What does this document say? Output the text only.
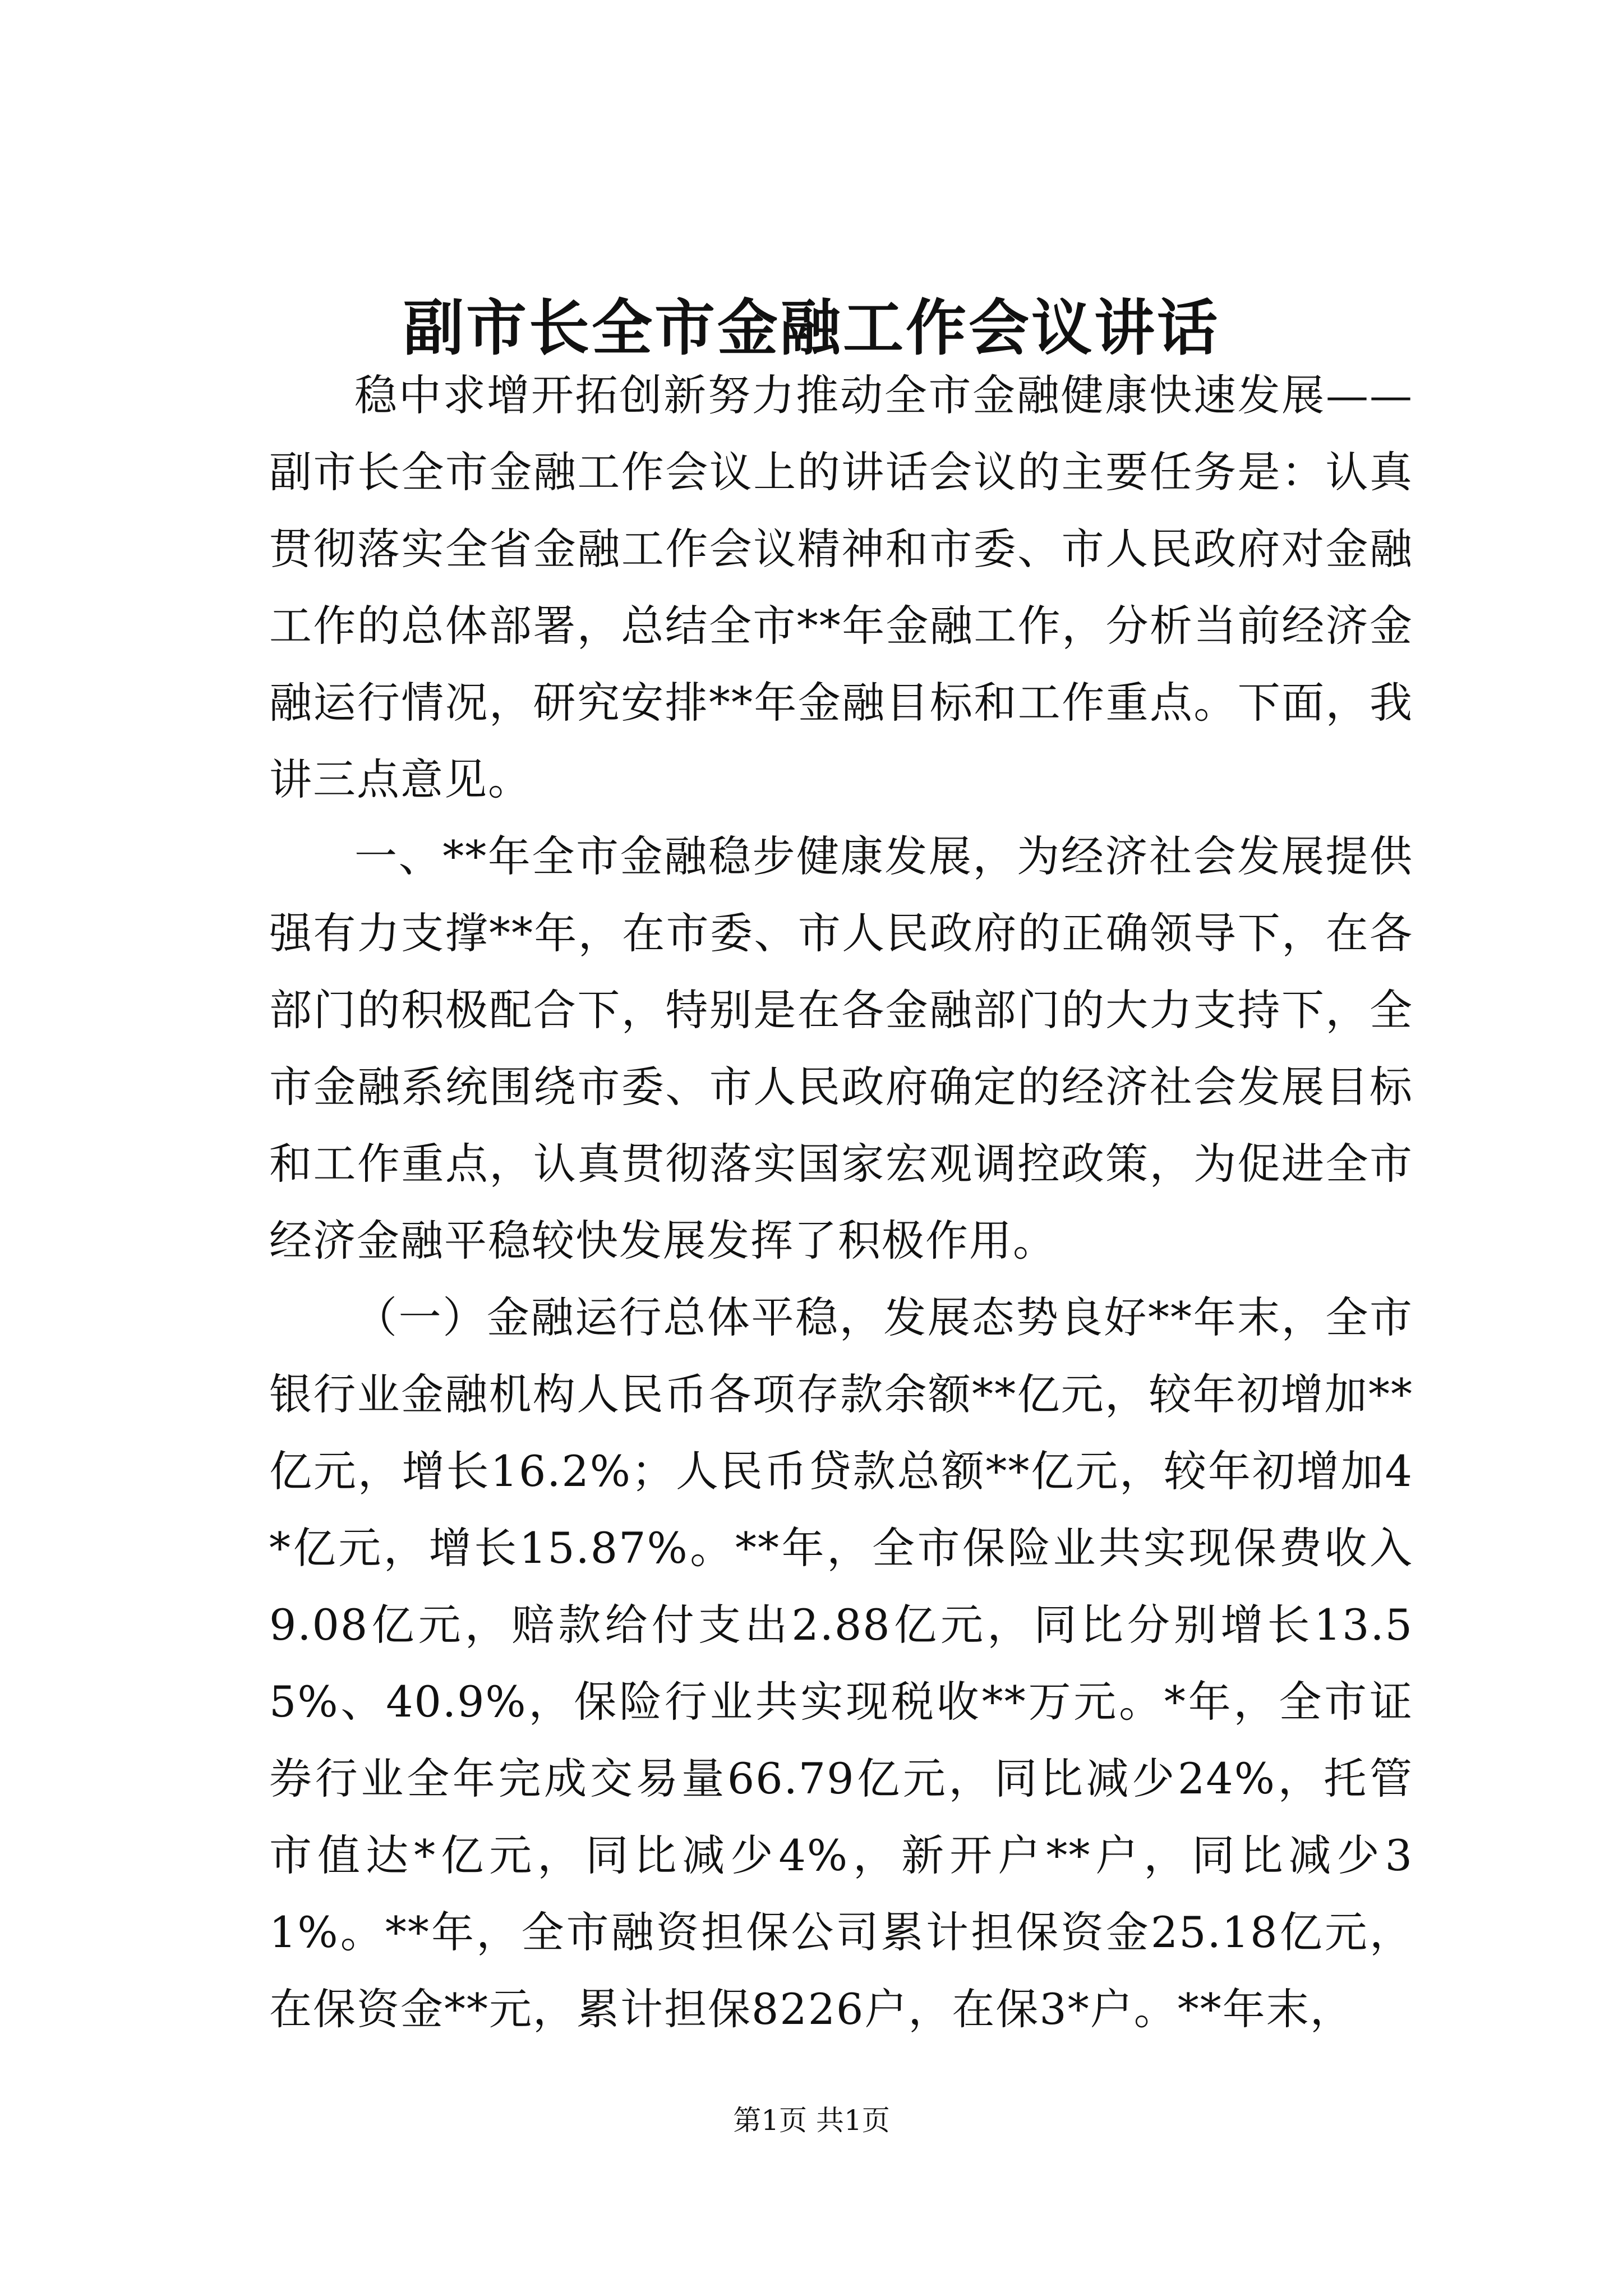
副市长全市金融工作会议讲话

稳中求增开拓创新努力推动全市金融健康快速发展——副市长全市金融工作会议上的讲话会议的主要任务是：认真贯彻落实全省金融工作会议精神和市委、市人民政府对金融工作的总体部署，总结全市**年金融工作，分析当前经济金融运行情况，研究安排**年金融目标和工作重点。下面，我讲三点意见。

一、**年全市金融稳步健康发展，为经济社会发展提供强有力支撑**年，在市委、市人民政府的正确领导下，在各部门的积极配合下，特别是在各金融部门的大力支持下，全市金融系统围绕市委、市人民政府确定的经济社会发展目标和工作重点，认真贯彻落实国家宏观调控政策，为促进全市经济金融平稳较快发展发挥了积极作用。

（一）金融运行总体平稳，发展态势良好**年末，全市银行业金融机构人民币各项存款余额**亿元，较年初增加**亿元，增长16.2%；人民币贷款总额**亿元，较年初增加4*亿元，增长15.87%。**年，全市保险业共实现保费收入9.08亿元，赔款给付支出2.88亿元，同比分别增长13.55%、40.9%，保险行业共实现税收**万元。*年，全市证券行业全年完成交易量66.79亿元，同比减少24%，托管市值达*亿元，同比减少4%，新开户**户，同比减少31%。**年，全市融资担保公司累计担保资金25.18亿元，在保资金**元，累计担保8226户，在保3*户。**年末，

第1页 共1页
